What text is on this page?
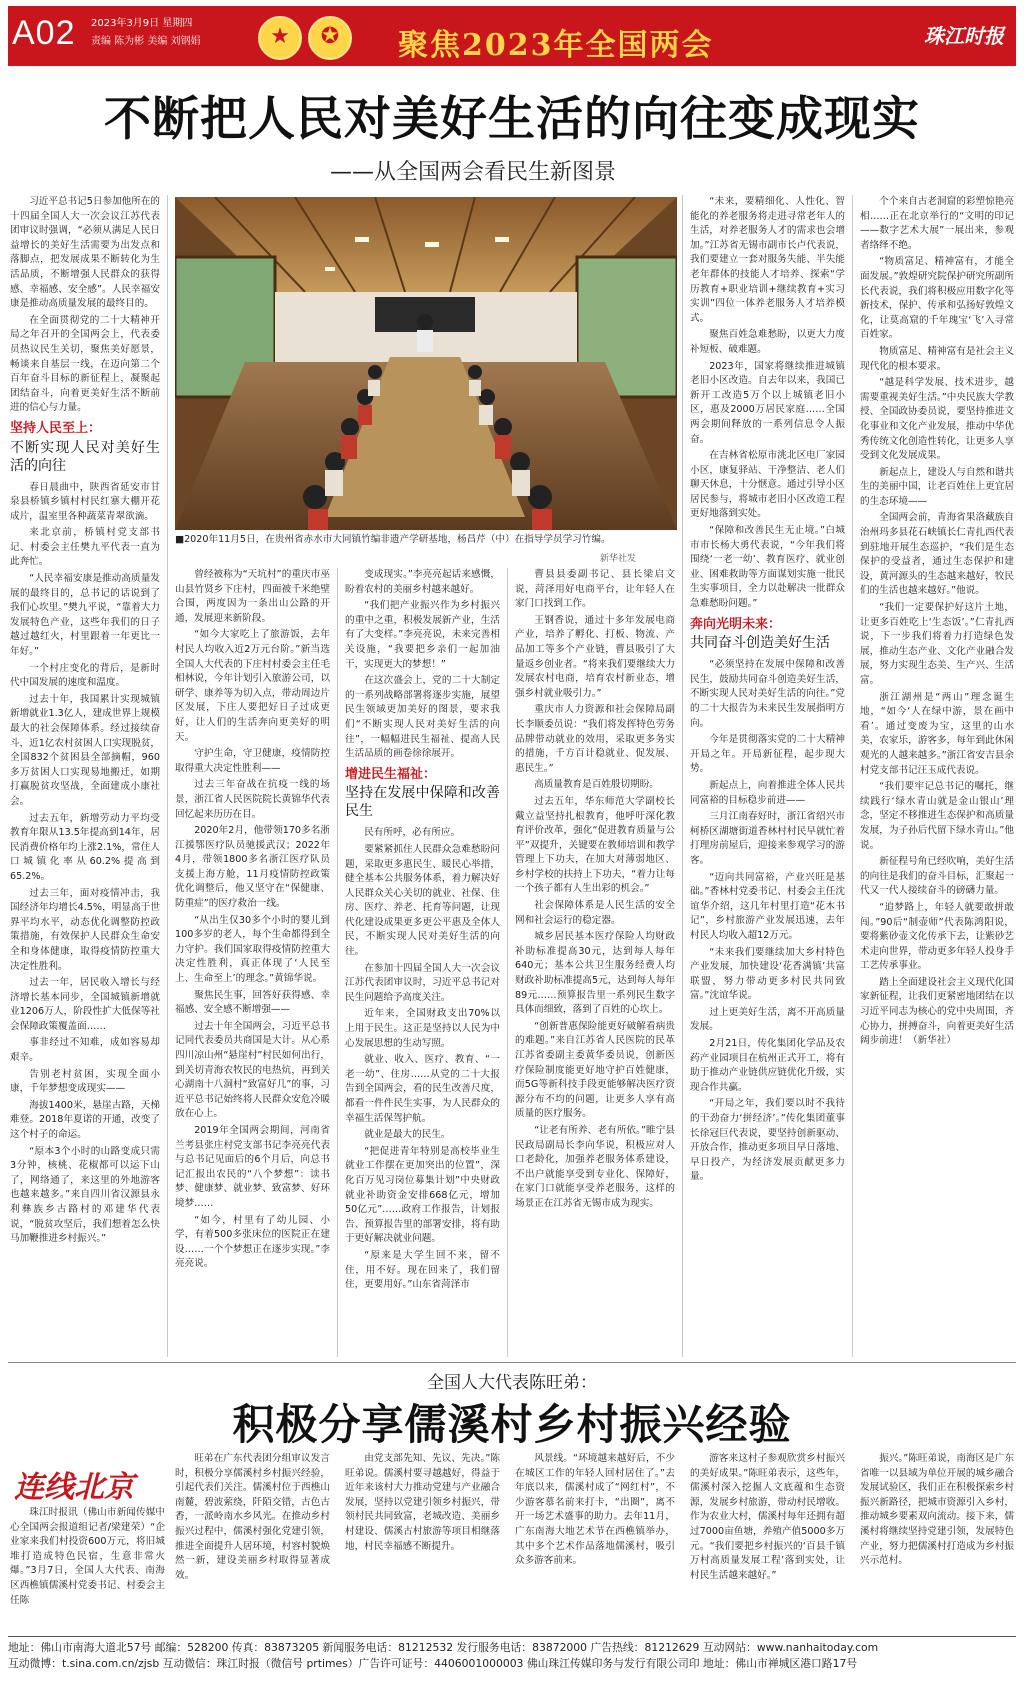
A02 2023年3月9日 星期四
责编 陈为彬 美编 刘钢娟	★	✪	聚焦2023年全国两会	珠江时报
不断把人民对美好生活的向往变成现实
——从全国两会看民生新图景

习近平总书记5日参加他所在的十四届全国人大一次会议江苏代表团审议时强调，“必须从满足人民日益增长的美好生活需要为出发点和落脚点，把发展成果不断转化为生活品质，不断增强人民群众的获得感、幸福感、安全感”。人民幸福安康是推动高质量发展的最终目的。

在全面贯彻党的二十大精神开局之年召开的全国两会上，代表委员热议民生关切，聚焦美好愿景，畅谈来自基层一线，在迈向第二个百年奋斗目标的新征程上，凝聚起团结奋斗，向着更美好生活不断前进的信心与力量。

坚持人民至上：
不断实现人民对美好生活的向往

春日晨曲中，陕西省延安市甘泉县桥镇乡镇村村民红寨大棚开花成片，温室里各种蔬菜青翠欲滴。

来北京前，桥镇村党支部书记、村委会主任樊九平代表一直为此奔忙。

“人民幸福安康是推动高质量发展的最终目的，总书记的话说到了我们心坎里。”樊九平说，“靠着大力发展特色产业，这些年我们的日子越过越红火，村里跟着一年更比一年好。”

一个村庄变化的背后，是新时代中国发展的速度和温度。

过去十年，我国累计实现城镇新增就业1.3亿人，建成世界上规模最大的社会保障体系。经过接续奋斗，近1亿农村贫困人口实现脱贫，全国832个贫困县全部摘帽，960多万贫困人口实现易地搬迁，如期打赢脱贫攻坚战，全面建成小康社会。

过去五年，新增劳动力平均受教育年限从13.5年提高到14年，居民消费价格年均上涨2.1%，常住人口城镇化率从60.2%提高到65.2%。

过去三年，面对疫情冲击，我国经济年均增长4.5%，明显高于世界平均水平，动态优化调整防控政策措施，有效保护人民群众生命安全和身体健康，取得疫情防控重大决定性胜利。

过去一年，居民收入增长与经济增长基本同步，全国城镇新增就业1206万人，阶段性扩大低保等社会保障政策覆盖面……

事非经过不知难，成如容易却艰辛。

告别老村贫困，实现全面小康，千年梦想变成现实——

海拔1400米，悬崖古路，天梯难登。2018年夏诺的开通，改变了这个村子的命运。

“原本3个小时的山路变成只需3分钟，核桃、花椒都可以运下山了，网络通了，来这里的外地游客也越来越多。”来自四川省汉源县永利彝族乡古路村的邓建华代表说，“脱贫攻坚后，我们想着怎么快马加鞭推进乡村振兴。”

■2020年11月5日，在贵州省赤水市大同镇竹编非遗产学研基地，杨昌芹（中）在指导学员学习竹编。
新华社发

曾经被称为“天坑村”的重庆市巫山县竹贤乡下庄村，四面被千米绝壁合围，两度因为一条出山公路的开通，发展迎来新阶段。

“如今大家吃上了旅游饭，去年村民人均收入近2万元台阶。”新当选全国人大代表的下庄村村委会主任毛相林说，今年计划引入旅游公司，以研学、康养等为切入点，带动周边片区发展，下庄人要把好日子过成更好，让人们的生活奔向更美好的明天。

守护生命，守卫健康，疫情防控取得重大决定性胜利——

过去三年奋战在抗疫一线的场景，浙江省人民医院院长黄锦华代表回忆起来历历在目。

2020年2月，他带领170多名浙江援鄂医疗队员驰援武汉；2022年4月，带领1800多名浙江医疗队员支援上海方舱，11月疫情防控政策优化调整后，他又坚守在“保健康、防重症”的医疗救治一线。

“从出生仅30多个小时的婴儿到100多岁的老人，每个生命都得到全力守护。我们国家取得疫情防控重大决定性胜利，真正体现了‘人民至上、生命至上’的理念。”黄锦华说。

聚焦民生事，回答好获得感、幸福感、安全感不断增强——

过去十年全国两会，习近平总书记同代表委员共商国是大计。从心系四川凉山州“悬崖村”村民如何出行，到关切青海农牧民的电热炕，再到关心湖南十八洞村“致富好几”的事，习近平总书记始终将人民群众安危冷暖放在心上。

2019年全国两会期间，河南省兰考县张庄村党支部书记李亮亮代表与总书记见面后的6个月后，向总书记汇报出农民的“八个梦想”：读书梦、健康梦、就业梦、致富梦、好环境梦……

“如今，村里有了幼儿园、小学，有着500多张床位的医院正在建设……一个个梦想正在逐步实现。”李亮亮说。

变成现实。”李亮亮起话来感慨，盼着农村的美丽乡村越来越好。

“我们把产业振兴作为乡村振兴的重中之重，积极发展新产业，生活有了大变样。”李亮亮说，未来完善相关设施，“我要把乡亲们一起加油干，实现更大的梦想！”

在这次盛会上，党的二十大制定的一系列战略部署将逐步实施，展望民生领域更加美好的图景，要求我们“不断实现人民对美好生活的向往”，一幅幅进民生福祉、提高人民生活品质的画卷徐徐展开。

增进民生福祉：
坚持在发展中保障和改善民生

民有所呼，必有所应。

要紧紧抓住人民群众急难愁盼问题，采取更多惠民生、暖民心举措，健全基本公共服务体系，着力解决好人民群众关心关切的就业、社保、住房、医疗、养老、托育等问题，让现代化建设成果更多更公平惠及全体人民，不断实现人民对美好生活的向往。

在参加十四届全国人大一次会议江苏代表团审议时，习近平总书记对民生问题给予高度关注。

近年来，全国财政支出70%以上用于民生。这正是坚持以人民为中心发展思想的生动写照。

就业、收入、医疗、教育、“一老一幼”、住房……从党的二十大报告到全国两会，看的民生改善尺度，都看一件件民生实事，为人民群众的幸福生活保驾护航。

就业是最大的民生。

“把促进青年特别是高校毕业生就业工作摆在更加突出的位置”，深化百万见习岗位募集计划”中央财政就业补助资金安排668亿元，增加50亿元”……政府工作报告，计划报告、预算报告里的部署安排，将有助于更好解决就业问题。

“原来是大学生回不来，留不住，用不好。现在回来了，我们留住，更要用好。”山东省菏泽市

曹县县委副书记、县长梁启文说，菏泽用好电商平台，让年轻人在家门口找到工作。

王钢香说，通过十多年发展电商产业，培养了孵化、打板、物流、产品加工等多个产业链，曹县吸引了大量返乡创业者。“将来我们要继续大力发展农村电商，培育农村新业态，增强乡村就业吸引力。”

重庆市人力资源和社会保障局副长李顺委员说：“我们将发挥特色劳务品牌带动就业的效用，采取更多务实的措施，千方百计稳就业、促发展、惠民生。”

高质量教育是百姓殷切期盼。

过去五年，华东师范大学副校长戴立益坚持扎根教育，他呼吁深化教育评价改革，强化“促进教育质量与公平”双提升，关键要在教师培训和教学管理上下功夫，在加大对薄弱地区、乡村学校的扶持上下功夫，“着力让每一个孩子都有人生出彩的机会。”

社会保障体系是人民生活的安全网和社会运行的稳定器。

城乡居民基本医疗保险人均财政补助标准提高30元，达到每人每年640元；基本公共卫生服务经费人均财政补助标准提高5元，达到每人每年89元……预算报告里一系列民生数字具体而细致，落到了百姓的心坎上。

“创新普惠保险能更好破解看病贵的难题。”来自江苏省人民医院的民革江苏省委副主委黄华委员说，创新医疗保险制度能更好地守护百姓健康，而5G等新科技手段更能够解决医疗资源分布不均的问题，让更多人享有高质量的医疗服务。

“让老有所养、老有所依。”睢宁县民政局副局长李向华说，积极应对人口老龄化，加强养老服务体系建设，不出户就能享受到专业化、保障好，在家门口就能享受养老服务，这样的场景正在江苏省无锡市成为现实。

“未来，要精细化、人性化、智能化的养老服务将走进寻常老年人的生活，对养老服务人才的需求也会增加。”江苏省无锡市副市长卢代表说，我们要建立一套对服务失能、半失能老年群体的技能人才培养、探索“学历教育+职业培训+继续教育+实习实训”四位一体养老服务人才培养模式。

聚焦百姓急难愁盼，以更大力度补短板、破难题。

2023年，国家将继续推进城镇老旧小区改造。自去年以来，我国已新开工改造5万个以上城镇老旧小区，惠及2000万居民家庭……全国两会期间释放的一系列信息令人振奋。

在吉林省松原市洮北区电厂家园小区，康复驿站、干净整洁、老人们聊天休息，十分惬意。通过引导小区居民参与，将城市老旧小区改造工程更好地落到实处。

“保障和改善民生无止境。”白城市市长杨大勇代表说，“今年我们将围绕‘一老一幼’、教育医疗、就业创业、困难救助等方面谋划实施一批民生实事项目，全力以赴解决一批群众急难愁盼问题。”

奔向光明未来：
共同奋斗创造美好生活

“必须坚持在发展中保障和改善民生，鼓励共同奋斗创造美好生活，不断实现人民对美好生活的向往。”党的二十大报告为未来民生发展指明方向。

今年是贯彻落实党的二十大精神开局之年。开局新征程，起步现大势。

新起点上，向着推进全体人民共同富裕的目标稳步前进——

三月江南春好时，浙江省绍兴市柯桥区湖塘街道香林村村民早就忙着打理房前屋后，迎接来参观学习的游客。

“迈向共同富裕，产业兴旺是基础。”香林村党委书记、村委会主任沈谊华介绍，这几年村里打造“花木书记”，乡村旅游产业发展迅速，去年村民人均收入超12万元。

“未来我们要继续加大乡村特色产业发展，加快建设‘花香满镇’共富联盟，努力带动更多村民共同致富。”沈谊华说。

过上更美好生活，离不开高质量发展。

2月21日，传化集团化学品及农药产业园项目在杭州正式开工，将有助于推动产业链供应链优化升级，实现合作共赢。

“开局之年，我们要以时不我待的干劲奋力‘拼经济’。”传化集团董事长徐冠巨代表说，要坚持创新驱动、开放合作，推动更多项目早日落地、早日投产，为经济发展贡献更多力量。

个个来自古老洞窟的彩塑惊艳亮相……正在北京举行的“文明的印记——数字艺术大展”一展出来，参观者络绎不绝。

“物质富足、精神富有，才能全面发展。”敦煌研究院保护研究所副所长代表说，我们将积极应用数字化等新技术，保护、传承和弘扬好敦煌文化，让莫高窟的千年瑰宝‘飞’入寻常百姓家。

物质富足、精神富有是社会主义现代化的根本要求。

“越是科学发展、技术进步，越需要重视美好生活。”中央民族大学教授、全国政协委员说，要坚持推进文化事业和文化产业发展，推动中华优秀传统文化创造性转化，让更多人享受到文化发展成果。

新起点上，建设人与自然和谐共生的美丽中国，让老百姓住上更宜居的生态环境——

全国两会前，青海省果洛藏族自治州玛多县花石峡镇长仁青扎西代表到驻地开展生态巡护，“我们是生态保护的受益者，通过生态保护和建设，黄河源头的生态越来越好，牧民们的生活也越来越好。”他说。

“我们一定要保护好这片土地，让更多百姓吃上‘生态饭’。”仁青扎西说，下一步我们将着力打造绿色发展，推动生态产业、文化产业融合发展，努力实现生态美、生产兴、生活富。

浙江湖州是“两山”理念诞生地，“如今‘人在绿中游，景在画中看’。通过变废为宝，这里的山水美，农家乐，游客多，每年到此休闲观光的人越来越多。”浙江省安吉县余村党支部书记汪玉成代表说。

“我们要牢记总书记的嘱托，继续践行‘绿水青山就是金山银山’理念，坚定不移推进生态保护和高质量发展，为子孙后代留下绿水青山。”他说。

新征程号角已经吹响，美好生活的向往是我们的奋斗目标，汇聚起一代又一代人接续奋斗的磅礴力量。

“追梦路上，年轻人就要敢拼敢闯。”90后“制壶师”代表陈鸿阳说，要将紫砂壶文化传承下去，让紫砂艺术走向世界，带动更多年轻人投身手工艺传承事业。

踏上全面建设社会主义现代化国家新征程，让我们更紧密地团结在以习近平同志为核心的党中央周围，齐心协力，拼搏奋斗，向着更美好生活阔步前进！（新华社）

全国人大代表陈旺弟：
积极分享儒溪村乡村振兴经验
连线北京

珠江时报讯（佛山市新闻传媒中心全国两会报道组记者/梁建荣）“企业家来我们村投资600万元，将旧城堆打造成特色民宿，生意非常火爆。”3月7日，全国人大代表、南海区西樵镇儒溪村党委书记、村委会主任陈

旺弟在广东代表团分组审议发言时，积极分享儒溪村乡村振兴经验，引起代表们关注。儒溪村位于西樵山南麓，碧波萦绕，阡陌交错，古色古香，一派岭南水乡风光。在推动乡村振兴过程中，儒溪村强化党建引领，推进全面提升人居环境，村容村貌焕然一新，建设美丽乡村取得显著成效。

由党支部先知、先议、先决。”陈旺弟说。儒溪村要寻越越好，得益于近年来该村大力推动党建与产业融合发展，坚持以党建引领乡村振兴，带领村民共同致富，老城改造、美丽乡村建设、儒溪古村旅游等项目相继落地，村民幸福感不断提升。

风景线。“环境越来越好后，不少在城区工作的年轻人回村居住了。”去年底以来，儒溪村成了“网红村”，不少游客慕名前来打卡，“出圈”，离不开一场艺术盛事的助力。去年11月，广东南海大地艺术节在西樵镇举办，其中多个艺术作品落地儒溪村，吸引众多游客前来。

游客来这村子参观欣赏乡村振兴的美好成果。”陈旺弟表示，这些年，儒溪村深入挖掘人文底蕴和生态资源，发展乡村旅游，带动村民增收。作为农业大村，儒溪村每年还拥有超过7000亩鱼塘，养殖产值5000多万元。“我们要把乡村振兴的‘百县千镇万村高质量发展工程’落到实处，让村民生活越来越好。”

振兴。”陈旺弟说，南海区是广东省唯一以县域为单位开展的城乡融合发展试验区，我们正在积极探索乡村振兴新路径，把城市资源引入乡村，推动城乡要素双向流动。接下来，儒溪村将继续坚持党建引领，发展特色产业，努力把儒溪村打造成为乡村振兴示范村。

地址：佛山市南海大道北57号 邮编：528200 传真：83873205 新闻服务电话：81212532 发行服务电话：83872000 广告热线：81212629 互动网站：www.nanhaitoday.com
互动微博：t.sina.com.cn/zjsb 互动微信：珠江时报（微信号 prtimes）广告许可证号：4406001000003 佛山珠江传媒印务与发行有限公司印 地址：佛山市禅城区港口路17号
